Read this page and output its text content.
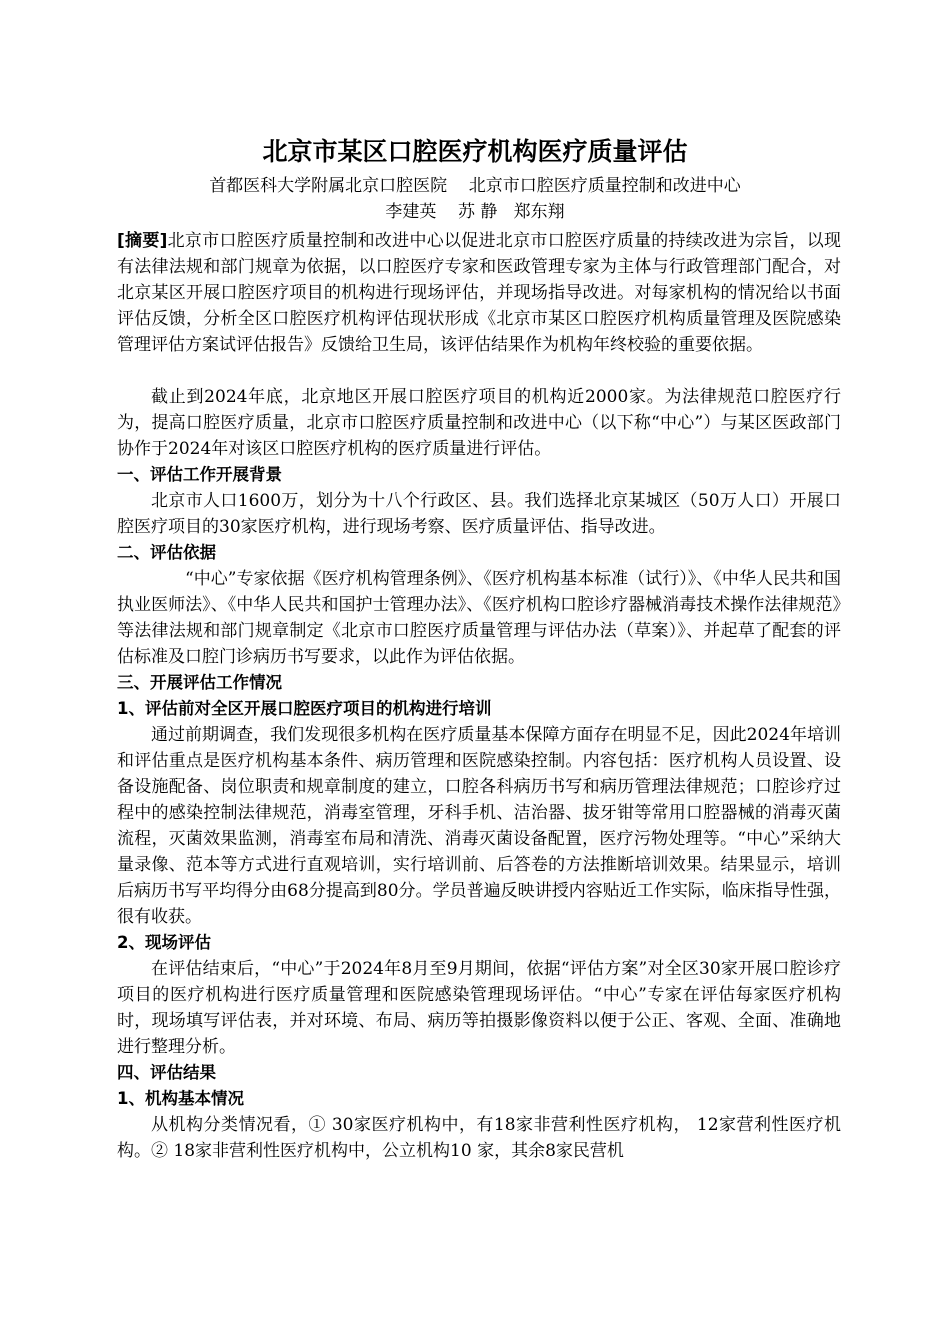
北京市某区口腔医疗机构医疗质量评估
首都医科大学附属北京口腔医院    北京市口腔医疗质量控制和改进中心
李建英    苏 静   郑东翔

[摘要]北京市口腔医疗质量控制和改进中心以促进北京市口腔医疗质量的持续改进为宗旨，以现有法律法规和部门规章为依据，以口腔医疗专家和医政管理专家为主体与行政管理部门配合，对北京某区开展口腔医疗项目的机构进行现场评估，并现场指导改进。对每家机构的情况给以书面评估反馈，分析全区口腔医疗机构评估现状形成《北京市某区口腔医疗机构质量管理及医院感染管理评估方案试评估报告》反馈给卫生局，该评估结果作为机构年终校验的重要依据。

截止到2024年底，北京地区开展口腔医疗项目的机构近2000家。为法律规范口腔医疗行为，提高口腔医疗质量，北京市口腔医疗质量控制和改进中心（以下称“中心”）与某区医政部门协作于2024年对该区口腔医疗机构的医疗质量进行评估。

一、评估工作开展背景

北京市人口1600万，划分为十八个行政区、县。我们选择北京某城区（50万人口）开展口腔医疗项目的30家医疗机构，进行现场考察、医疗质量评估、指导改进。

二、评估依据

“中心”专家依据《医疗机构管理条例》、《医疗机构基本标准（试行）》、《中华人民共和国执业医师法》、《中华人民共和国护士管理办法》、《医疗机构口腔诊疗器械消毒技术操作法律规范》等法律法规和部门规章制定《北京市口腔医疗质量管理与评估办法（草案）》、并起草了配套的评估标准及口腔门诊病历书写要求，以此作为评估依据。

三、开展评估工作情况

1、评估前对全区开展口腔医疗项目的机构进行培训

通过前期调查，我们发现很多机构在医疗质量基本保障方面存在明显不足，因此2024年培训和评估重点是医疗机构基本条件、病历管理和医院感染控制。内容包括：医疗机构人员设置、设备设施配备、岗位职责和规章制度的建立，口腔各科病历书写和病历管理法律规范；口腔诊疗过程中的感染控制法律规范，消毒室管理，牙科手机、洁治器、拔牙钳等常用口腔器械的消毒灭菌流程，灭菌效果监测，消毒室布局和清洗、消毒灭菌设备配置，医疗污物处理等。“中心”采纳大量录像、范本等方式进行直观培训，实行培训前、后答卷的方法推断培训效果。结果显示，培训后病历书写平均得分由68分提高到80分。学员普遍反映讲授内容贴近工作实际，临床指导性强，很有收获。

2、现场评估

在评估结束后，“中心”于2024年8月至9月期间，依据“评估方案”对全区30家开展口腔诊疗项目的医疗机构进行医疗质量管理和医院感染管理现场评估。“中心”专家在评估每家医疗机构时，现场填写评估表，并对环境、布局、病历等拍摄影像资料以便于公正、客观、全面、准确地进行整理分析。

四、评估结果

1、机构基本情况

从机构分类情况看，① 30家医疗机构中，有18家非营利性医疗机构， 12家营利性医疗机构。② 18家非营利性医疗机构中，公立机构10 家，其余8家民营机
